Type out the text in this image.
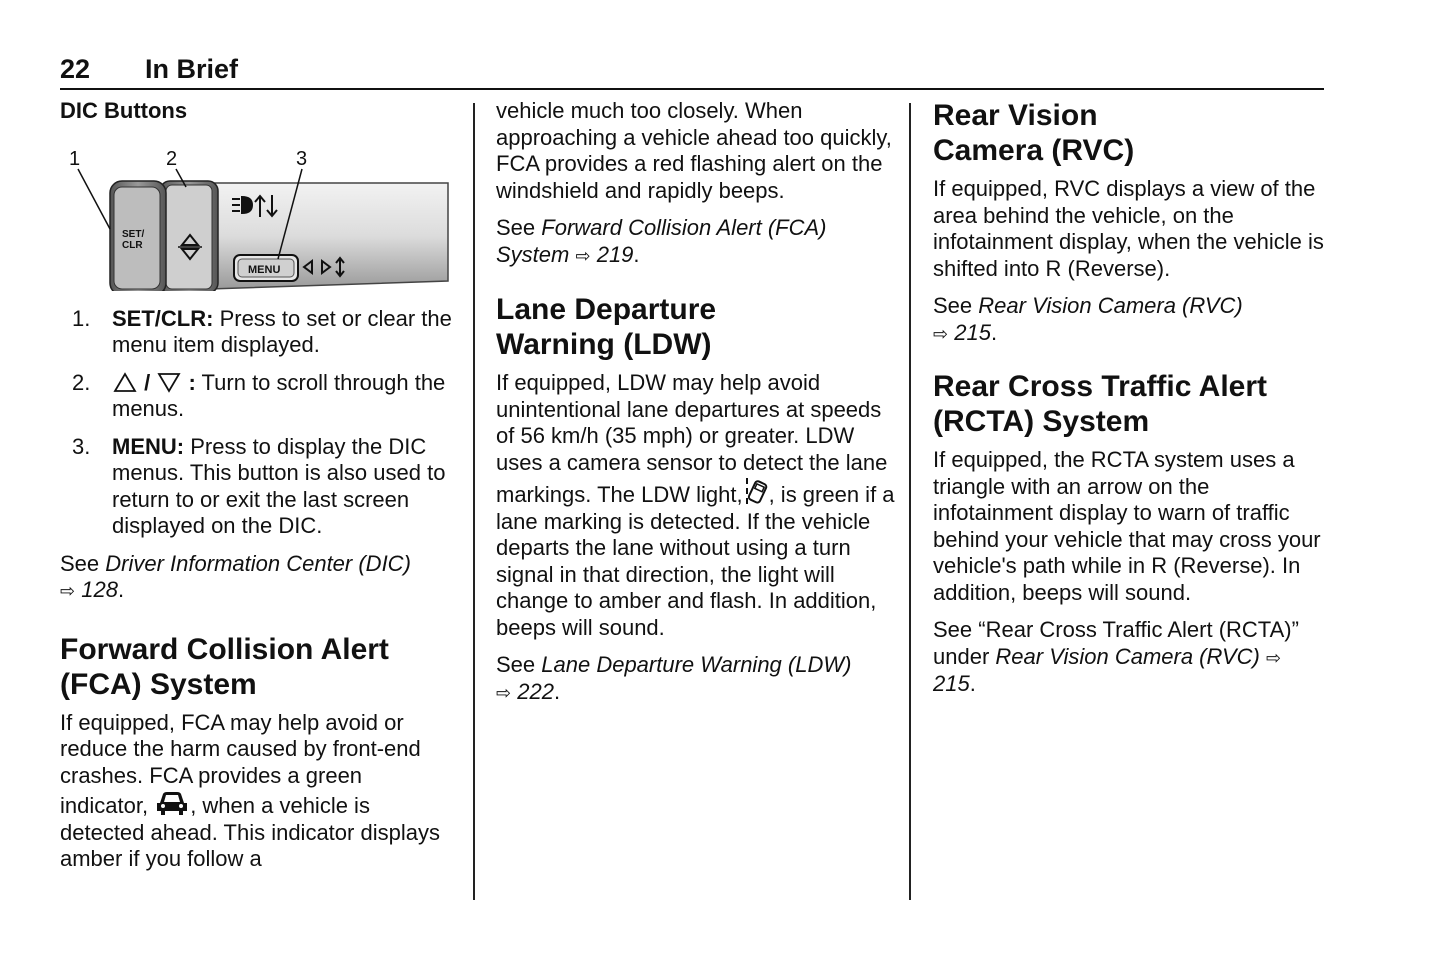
22 In Brief

DIC Buttons

SET/
CLR
MENU
1	2	3
1. SET/CLR: Press to set or clear the menu item displayed.
2. / : Turn to scroll through the menus.
3. MENU: Press to display the DIC menus. This button is also used to return to or exit the last screen displayed on the DIC.

See Driver Information Center (DIC)
⇨ 128.

Forward Collision Alert
(FCA) System

If equipped, FCA may help avoid or reduce the harm caused by front-end crashes. FCA provides a green indicator, , when a vehicle is detected ahead. This indicator displays amber if you follow a

vehicle much too closely. When approaching a vehicle ahead too quickly, FCA provides a red flashing alert on the windshield and rapidly beeps.

See Forward Collision Alert (FCA) System ⇨ 219.

Lane Departure
Warning (LDW)

If equipped, LDW may help avoid unintentional lane departures at speeds of 56 km/h (35 mph) or greater. LDW uses a camera sensor to detect the lane markings. The LDW light, , is green if a lane marking is detected. If the vehicle departs the lane without using a turn signal in that direction, the light will change to amber and flash. In addition, beeps will sound.

See Lane Departure Warning (LDW)
⇨ 222.

Rear Vision
Camera (RVC)

If equipped, RVC displays a view of the area behind the vehicle, on the infotainment display, when the vehicle is shifted into R (Reverse).

See Rear Vision Camera (RVC)
⇨ 215.

Rear Cross Traffic Alert
(RCTA) System

If equipped, the RCTA system uses a triangle with an arrow on the infotainment display to warn of traffic behind your vehicle that may cross your vehicle's path while in R (Reverse). In addition, beeps will sound.

See “Rear Cross Traffic Alert (RCTA)” under Rear Vision Camera (RVC) ⇨ 215.
